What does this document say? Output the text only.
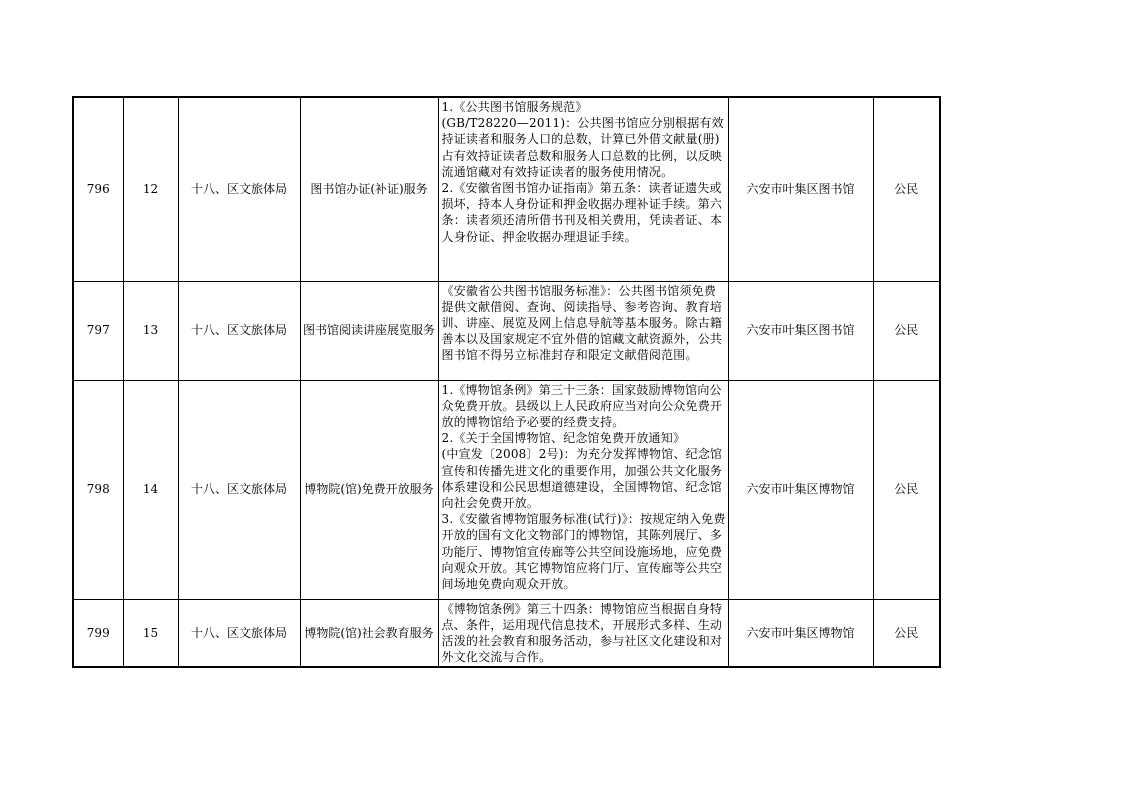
796	12	十八、区文旅体局	图书馆办证(补证)服务	1.《公共图书馆服务规范》
(GB/T28220—2011)：公共图书馆应分别根据有效持证读者和服务人口的总数，计算已外借文献量(册)占有效持证读者总数和服务人口总数的比例，以反映流通馆藏对有效持证读者的服务使用情况。
2.《安徽省图书馆办证指南》第五条：读者证遗失或损坏，持本人身份证和押金收据办理补证手续。第六条：读者须还清所借书刊及相关费用，凭读者证、本人身份证、押金收据办理退证手续。	六安市叶集区图书馆	公民
797	13	十八、区文旅体局	图书馆阅读讲座展览服务	《安徽省公共图书馆服务标准》：公共图书馆须免费提供文献借阅、查询、阅读指导、参考咨询、教育培训、讲座、展览及网上信息导航等基本服务。除古籍善本以及国家规定不宜外借的馆藏文献资源外，公共图书馆不得另立标准封存和限定文献借阅范围。	六安市叶集区图书馆	公民
798	14	十八、区文旅体局	博物院(馆)免费开放服务	1.《博物馆条例》第三十三条：国家鼓励博物馆向公众免费开放。县级以上人民政府应当对向公众免费开放的博物馆给予必要的经费支持。
2.《关于全国博物馆、纪念馆免费开放通知》
(中宣发〔2008〕2号)：为充分发挥博物馆、纪念馆宣传和传播先进文化的重要作用，加强公共文化服务体系建设和公民思想道德建设，全国博物馆、纪念馆向社会免费开放。
3.《安徽省博物馆服务标准(试行)》：按规定纳入免费开放的国有文化文物部门的博物馆，其陈列展厅、多功能厅、博物馆宣传廊等公共空间设施场地，应免费向观众开放。其它博物馆应将门厅、宣传廊等公共空间场地免费向观众开放。	六安市叶集区博物馆	公民
799	15	十八、区文旅体局	博物院(馆)社会教育服务	《博物馆条例》第三十四条：博物馆应当根据自身特点、条件，运用现代信息技术，开展形式多样、生动活泼的社会教育和服务活动，参与社区文化建设和对外文化交流与合作。	六安市叶集区博物馆	公民
